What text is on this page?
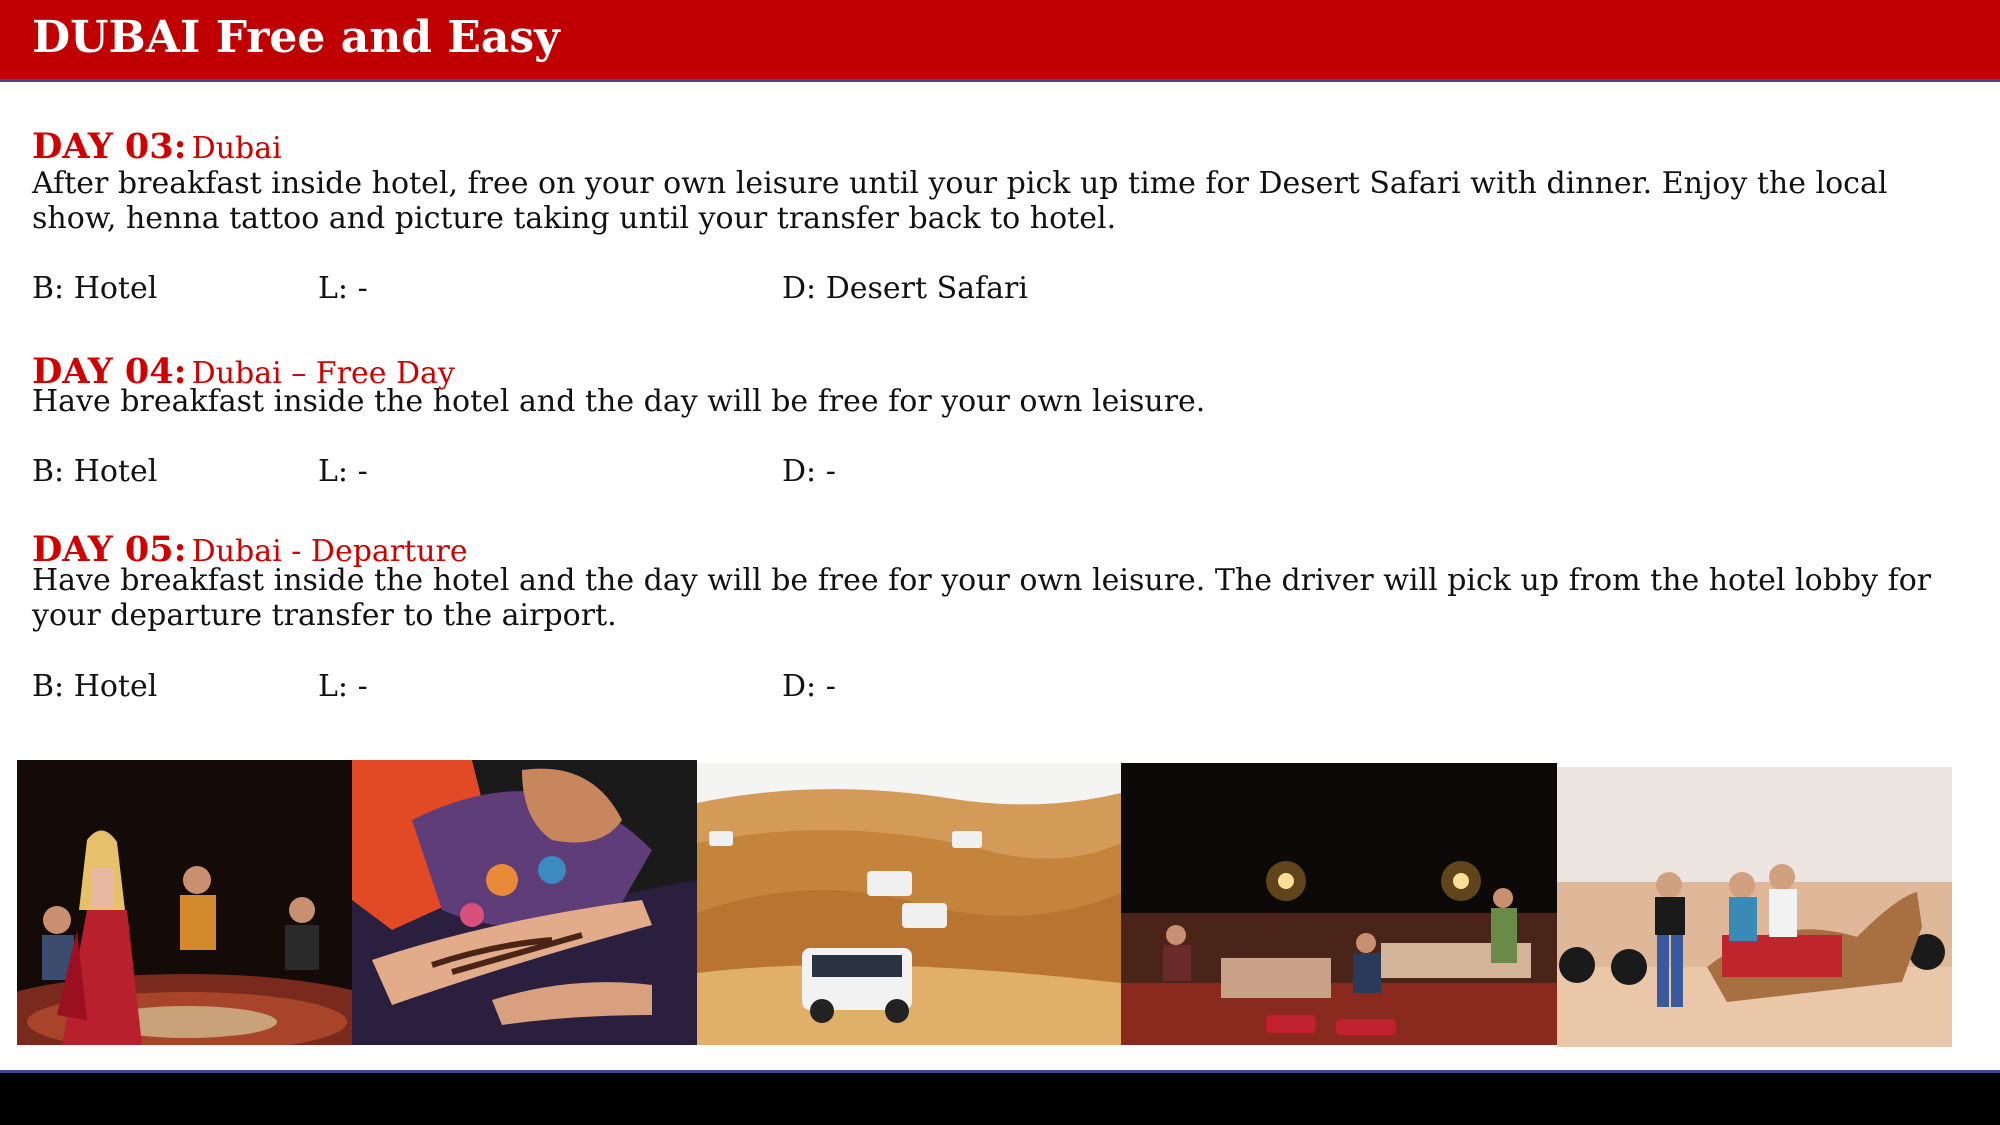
DUBAI Free and Easy
DAY 03: Dubai
After breakfast inside hotel, free on your own leisure until your pick up time for Desert Safari with dinner. Enjoy the local show, henna tattoo and picture taking until your transfer back to hotel.
B: Hotel	L: -	D: Desert Safari
DAY 04: Dubai – Free Day
Have breakfast inside the hotel and the day will be free for your own leisure.
B: Hotel	L: -	D: -
DAY 05: Dubai - Departure
Have breakfast inside the hotel and the day will be free for your own leisure. The driver will pick up from the hotel lobby for your departure transfer to the airport.
B: Hotel	L: -	D: -
